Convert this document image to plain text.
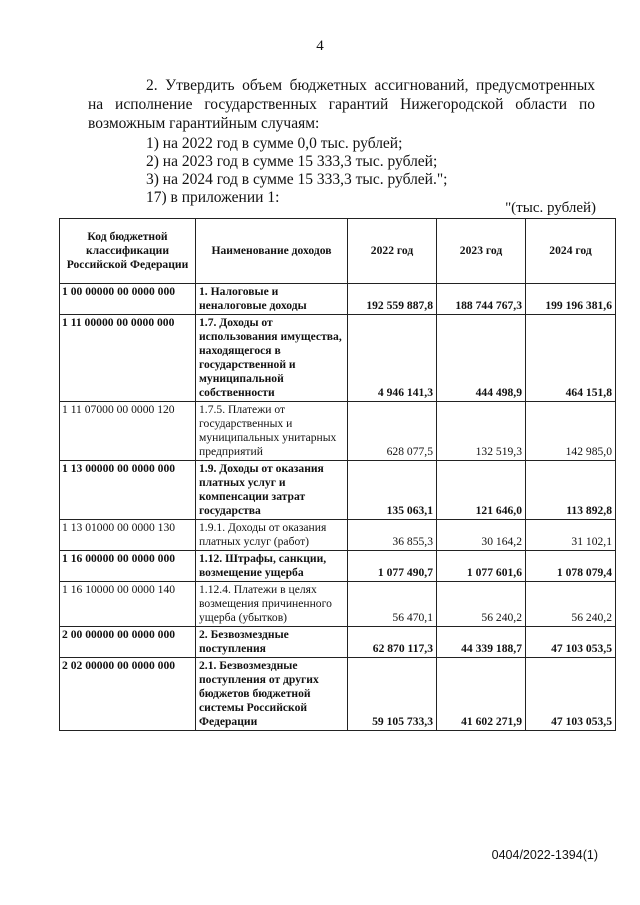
4
2. Утвердить объем бюджетных ассигнований, предусмотренных на исполнение государственных гарантий Нижегородской области по возможным гарантийным случаям:
1) на 2022 год в сумме 0,0 тыс. рублей;
2) на 2023 год в сумме 15 333,3 тыс. рублей;
3) на 2024 год в сумме 15 333,3 тыс. рублей.";
17) в приложении 1:
"(тыс. рублей)
Код бюджетной классификации Российской Федерации	Наименование доходов	2022 год	2023 год	2024 год
1 00 00000 00 0000 000	1. Налоговые и неналоговые доходы	192 559 887,8	188 744 767,3	199 196 381,6
1 11 00000 00 0000 000	1.7. Доходы от использования имущества, находящегося в государственной и муниципальной собственности	4 946 141,3	444 498,9	464 151,8
1 11 07000 00 0000 120	1.7.5. Платежи от государственных и муниципальных унитарных предприятий	628 077,5	132 519,3	142 985,0
1 13 00000 00 0000 000	1.9. Доходы от оказания платных услуг и компенсации затрат государства	135 063,1	121 646,0	113 892,8
1 13 01000 00 0000 130	1.9.1. Доходы от оказания платных услуг (работ)	36 855,3	30 164,2	31 102,1
1 16 00000 00 0000 000	1.12. Штрафы, санкции, возмещение ущерба	1 077 490,7	1 077 601,6	1 078 079,4
1 16 10000 00 0000 140	1.12.4. Платежи в целях возмещения причиненного ущерба (убытков)	56 470,1	56 240,2	56 240,2
2 00 00000 00 0000 000	2. Безвозмездные поступления	62 870 117,3	44 339 188,7	47 103 053,5
2 02 00000 00 0000 000	2.1. Безвозмездные поступления от других бюджетов бюджетной системы Российской Федерации	59 105 733,3	41 602 271,9	47 103 053,5
0404/2022-1394(1)
